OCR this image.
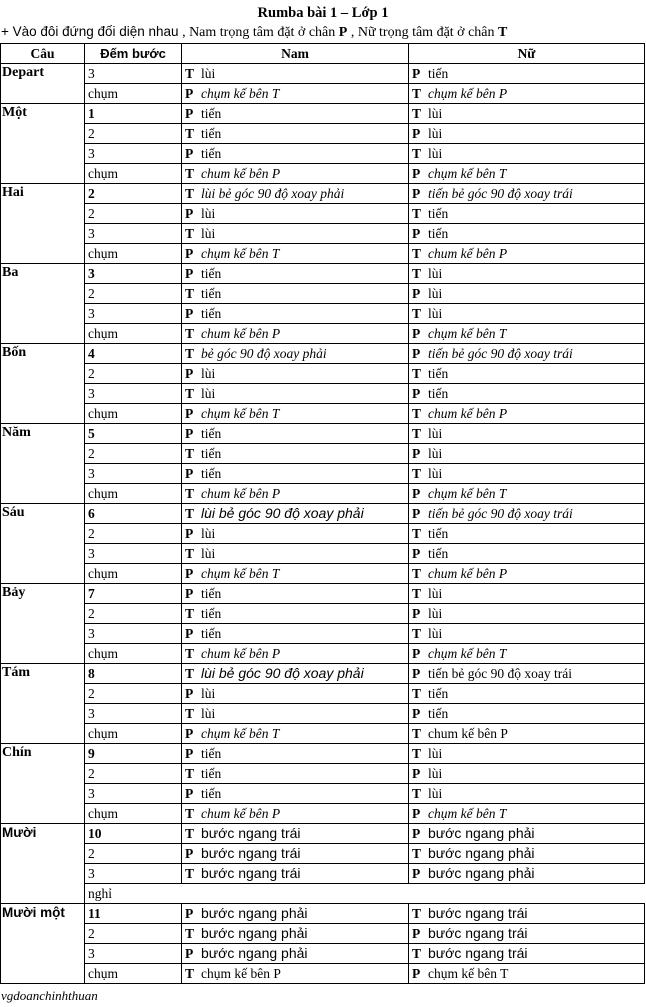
Rumba bài 1 – Lớp 1
+ Vào đôi đứng đối diện nhau , Nam trọng tâm đặt ở chân P , Nữ trọng tâm đặt ở chân T
Câu	Đếm bước	Nam	Nữ
Depart	3	T lùi	P tiến
	chụm	P chụm kế bên T	T chụm kế bên P
Một	1	P tiến	T lùi
	2	T tiến	P lùi
	3	P tiến	T lùi
	chụm	T chum kế bên P	P chụm kế bên T
Hai	2	T lùi bẻ góc 90 độ xoay phải	P tiến bẻ góc 90 độ xoay trái
	2	P lùi	T tiến
	3	T lùi	P tiến
	chụm	P chụm kế bên T	T chum kế bên P
Ba	3	P tiến	T lùi
	2	T tiến	P lùi
	3	P tiến	T lùi
	chụm	T chum kế bên P	P chụm kế bên T
Bốn	4	T bẻ góc 90 độ xoay phải	P tiến bẻ góc 90 độ xoay trái
	2	P lùi	T tiến
	3	T lùi	P tiến
	chụm	P chụm kế bên T	T chum kế bên P
Năm	5	P tiến	T lùi
	2	T tiến	P lùi
	3	P tiến	T lùi
	chụm	T chum kế bên P	P chụm kế bên T
Sáu	6	T lùi bẻ góc 90 độ xoay phải	P tiến bẻ góc 90 độ xoay trái
	2	P lùi	T tiến
	3	T lùi	P tiến
	chụm	P chụm kế bên T	T chum kế bên P
Bảy	7	P tiến	T lùi
	2	T tiến	P lùi
	3	P tiến	T lùi
	chụm	T chum kế bên P	P chụm kế bên T
Tám	8	T lùi bẻ góc 90 độ xoay phải	P tiến bẻ góc 90 độ xoay trái
	2	P lùi	T tiến
	3	T lùi	P tiến
	chụm	P chụm kế bên T	T chum kế bên P
Chín	9	P tiến	T lùi
	2	T tiến	P lùi
	3	P tiến	T lùi
	chụm	T chum kế bên P	P chụm kế bên T
Mười	10	T bước ngang trái	P bước ngang phải
	2	P bước ngang trái	T bước ngang phải
	3	T bước ngang trái	P bước ngang phải
	nghỉ		
Mười một	11	P bước ngang phải	T bước ngang trái
	2	T bước ngang phải	P bước ngang trái
	3	P bước ngang phải	T bước ngang trái
	chụm	T chụm kế bên P	P chụm kế bên T
vgdoanchinhthuan
